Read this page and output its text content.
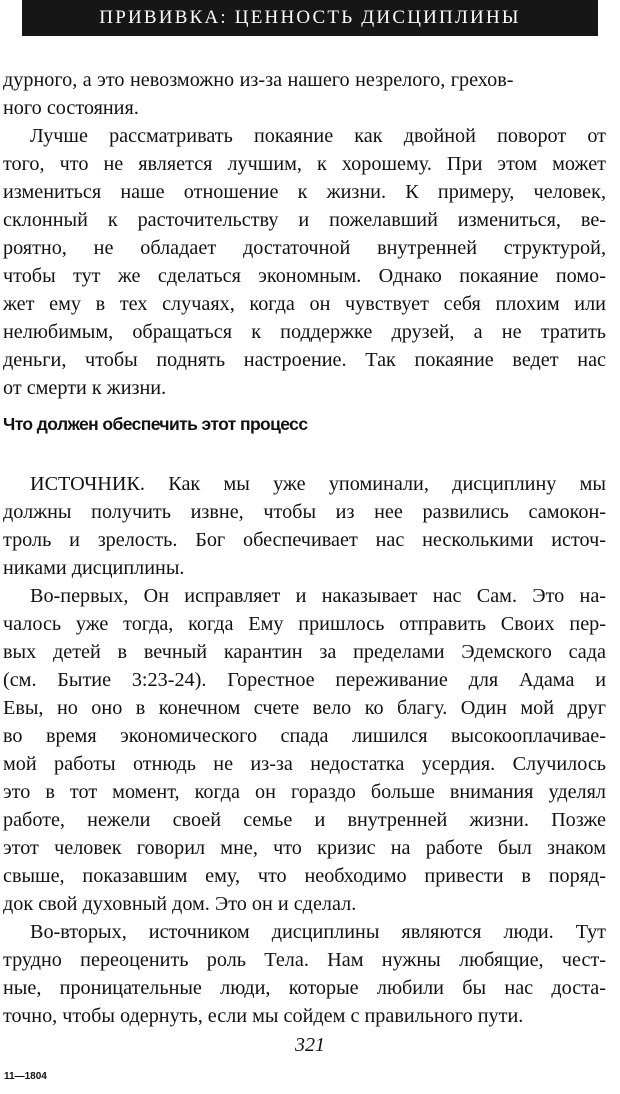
ПРИВИВКА: ЦЕННОСТЬ ДИСЦИПЛИНЫ
дурного, а это невозможно из-за нашего незрелого, грехов-
ного состояния.
Лучше рассматривать покаяние как двойной поворот от
того, что не является лучшим, к хорошему. При этом может
измениться наше отношение к жизни. К примеру, человек,
склонный к расточительству и пожелавший измениться, ве-
роятно, не обладает достаточной внутренней структурой,
чтобы тут же сделаться экономным. Однако покаяние помо-
жет ему в тех случаях, когда он чувствует себя плохим или
нелюбимым, обращаться к поддержке друзей, а не тратить
деньги, чтобы поднять настроение. Так покаяние ведет нас
от смерти к жизни.
Что должен обеспечить этот процесс
ИСТОЧНИК. Как мы уже упоминали, дисциплину мы
должны получить извне, чтобы из нее развились самокон-
троль и зрелость. Бог обеспечивает нас несколькими источ-
никами дисциплины.
Во-первых, Он исправляет и наказывает нас Сам. Это на-
чалось уже тогда, когда Ему пришлось отправить Своих пер-
вых детей в вечный карантин за пределами Эдемского сада
(см. Бытие 3:23-24). Горестное переживание для Адама и
Евы, но оно в конечном счете вело ко благу. Один мой друг
во время экономического спада лишился высокооплачивае-
мой работы отнюдь не из-за недостатка усердия. Случилось
это в тот момент, когда он гораздо больше внимания уделял
работе, нежели своей семье и внутренней жизни. Позже
этот человек говорил мне, что кризис на работе был знаком
свыше, показавшим ему, что необходимо привести в поряд-
док свой духовный дом. Это он и сделал.
Во-вторых, источником дисциплины являются люди. Тут
трудно переоценить роль Тела. Нам нужны любящие, чест-
ные, проницательные люди, которые любили бы нас доста-
точно, чтобы одернуть, если мы сойдем с правильного пути.
321
11—1804
